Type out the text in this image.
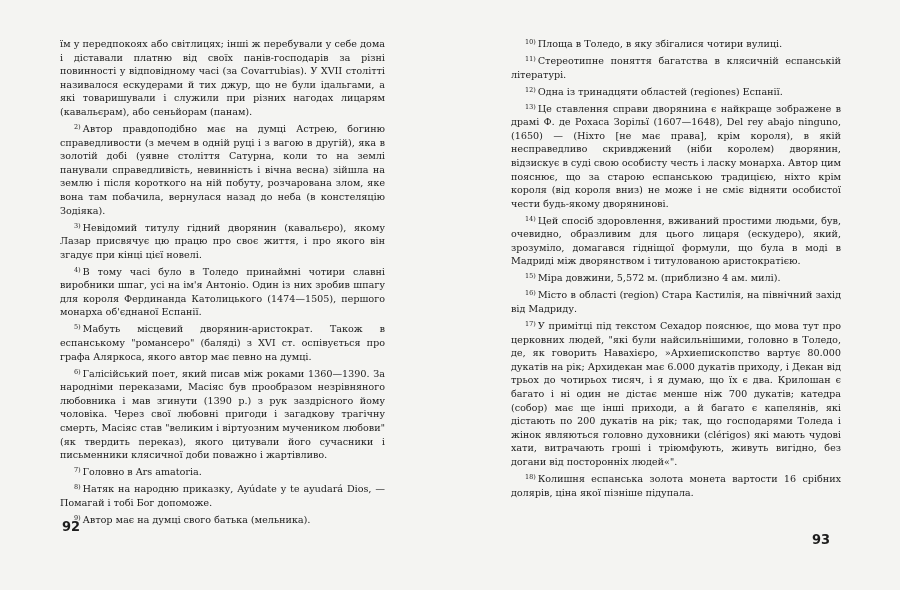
їм у передпокоях або світлицях; інші ж перебували у себе дома і діставали платню від своїх панів-господарів за різні повинності у відповідному часі (за Covarrubias). У XVII столітті називалося ескудерами й тих джур, що не були ідальгами, а які товаришували і служили при різних нагодах лицарям (кавальєрам), або сеньйорам (панам).

$^{2)}$ Автор правдоподібно має на думці Астрею, богиню справедливости (з мечем в одній руці і з вагою в другій), яка в золотій добі (уявне століття Сатурна, коли то на землі панували справедливість, невинність і вічна весна) зійшла на землю і після короткого на ній побуту, розчарована злом, яке вона там побачила, вернулася назад до неба (в констеляцію Зодіяка).

$^{3)}$ Невідомий титулу гідний дворянин (кавальєро), якому Лазар присвячує цю працю про своє життя, і про якого він згадує при кінці цієї новелі.

$^{4)}$ В тому часі було в Толедо принаймні чотири славні виробники шпаг, усі на ім'я Антоніо. Один із них зробив шпагу для короля Фердинанда Католицького (1474—1505), першого монарха об'єднаної Еспанії.

$^{5)}$ Мабуть місцевий дворянин-аристократ. Також в еспанському "романсеро" (баляді) з XVI ст. оспівується про графа Аляркоса, якого автор має певно на думці.

$^{6)}$ Галісійський поет, який писав між роками 1360—1390. За народніми переказами, Масіяс був прообразом незрівняного любовника і мав згинути (1390 р.) з рук заздрісного йому чоловіка. Через свої любовні пригоди і загадкову трагічну смерть, Масіяс став "великим і віртуозним мучеником любови" (як твердить переказ), якого цитували його сучасники і письменники клясичної доби поважно і жартівливо.

$^{7)}$ Головно в Ars amatoria.

$^{8)}$ Натяк на народню приказку, Ayúdate y te ayudará Dios, — Помагай і тобі Бог допоможе.

$^{9)}$ Автор має на думці свого батька (мельника).

92

$^{10)}$ Площа в Толедо, в яку збігалися чотири вулиці.

$^{11)}$ Стереотипне поняття багатства в клясичній еспанській літературі.

$^{12)}$ Одна із тринадцяти областей (regiones) Еспанії.

$^{13)}$ Це ставлення справи дворянина є найкраще зображене в драмі Ф. де Рохаса Зорільї (1607—1648), Del rey abajo ninguno, (1650) — (Ніхто [не має права], крім короля), в якій несправедливо скривджений (ніби королем) дворянин, відзискує в суді свою особисту честь і ласку монарха. Автор цим пояснює, що за старою еспанською традицією, ніхто крім короля (від короля вниз) не може і не сміє відняти особистої чести будь-якому дворянинові.

$^{14)}$ Цей спосіб здоровлення, вживаний простими людьми, був, очевидно, образливим для цього лицаря (ескудеро), який, зрозуміло, домагався гідніщої формули, що була в моді в Мадриді між дворянством і титулованою аристократією.

$^{15)}$ Міра довжини, 5,572 м. (приблизно 4 ам. милі).

$^{16)}$ Місто в області (region) Стара Кастилія, на північний захід від Мадриду.

$^{17)}$ У примітці під текстом Сехадор пояснює, що мова тут про церковних людей, "які були найсильнішими, головно в Толедо, де, як говорить Навахієро, »Архиепископство вартує 80.000 дукатів на рік; Архидекан має 6.000 дукатів приходу, і Декан від трьох до чотирьох тисяч, і я думаю, що їх є два. Крилошан є багато і ні один не дістає менше ніж 700 дукатів; катедра (собор) має ще інші приходи, а й багато є капелянів, які дістають по 200 дукатів на рік; так, що господарями Толеда і жінок являються головно духовники (clérigos) які мають чудові хати, витрачають гроші і тріюмфують, живуть вигідно, без догани від посторонніх людей«".

$^{18)}$ Колишня еспанська золота монета вартости 16 срібних долярів, ціна якої пізніше підупала.

93
